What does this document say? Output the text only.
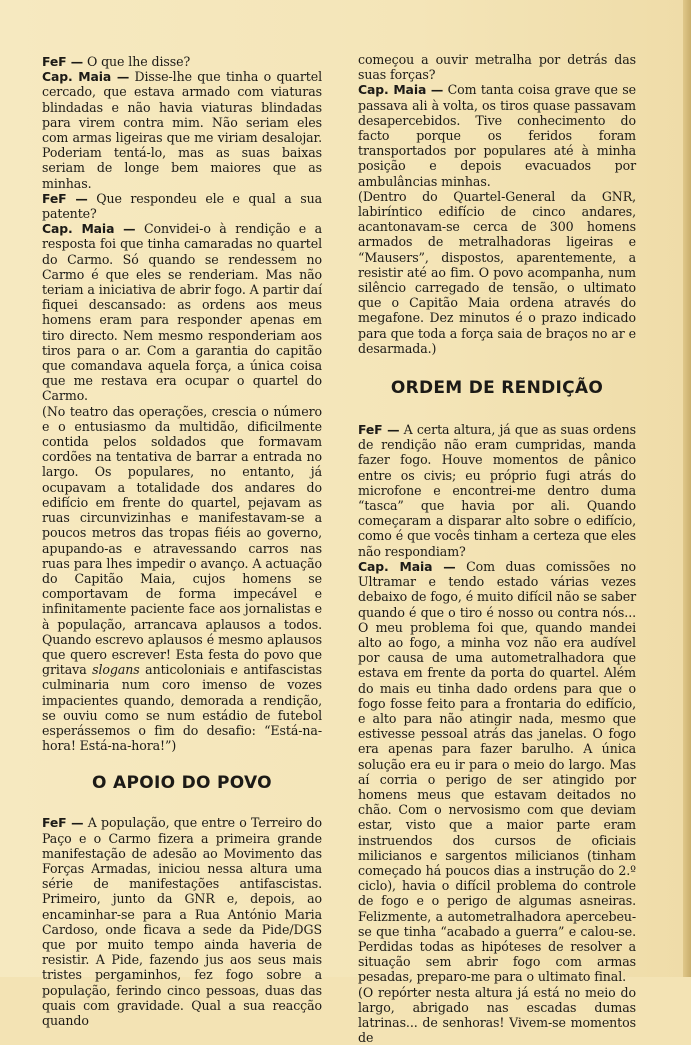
FeF — O que lhe disse?

Cap. Maia — Disse-lhe que tinha o quartel cercado, que estava armado com viaturas blindadas e não havia viaturas blindadas para virem contra mim. Não seriam eles com armas ligeiras que me viriam desalojar. Poderiam tentá-lo, mas as suas baixas seriam de longe bem maiores que as minhas.

FeF — Que respondeu ele e qual a sua patente?

Cap. Maia — Convidei-o à rendição e a resposta foi que tinha camaradas no quartel do Carmo. Só quando se rendessem no Carmo é que eles se renderiam. Mas não teriam a iniciativa de abrir fogo. A partir daí fiquei descansado: as ordens aos meus homens eram para responder apenas em tiro directo. Nem mesmo responderiam aos tiros para o ar. Com a garantia do capitão que comandava aquela força, a única coisa que me restava era ocupar o quartel do Carmo.

(No teatro das operações, crescia o número e o entusiasmo da multidão, dificilmente contida pelos soldados que formavam cordões na tentativa de barrar a entrada no largo. Os populares, no entanto, já ocupavam a totalidade dos andares do edifício em frente do quartel, pejavam as ruas circunvizinhas e manifestavam-se a poucos metros das tropas fiéis ao governo, apupando-as e atravessando carros nas ruas para lhes impedir o avanço. A actuação do Capitão Maia, cujos homens se comportavam de forma impecável e infinitamente paciente face aos jornalistas e à população, arrancava aplausos a todos. Quando escrevo aplausos é mesmo aplausos que quero escrever! Esta festa do povo que gritava slogans anticoloniais e antifascistas culminaria num coro imenso de vozes impacientes quando, demorada a rendição, se ouviu como se num estádio de futebol esperássemos o fim do desafio: “Está-na-hora! Está-na-hora!”)

O APOIO DO POVO

FeF — A população, que entre o Terreiro do Paço e o Carmo fizera a primeira grande manifestação de adesão ao Movimento das Forças Armadas, iniciou nessa altura uma série de manifestações antifascistas. Primeiro, junto da GNR e, depois, ao encaminhar-se para a Rua António Maria Cardoso, onde ficava a sede da Pide/DGS que por muito tempo ainda haveria de resistir. A Pide, fazendo jus aos seus mais tristes pergaminhos, fez fogo sobre a população, ferindo cinco pessoas, duas das quais com gravidade. Qual a sua reacção quando

começou a ouvir metralha por detrás das suas forças?

Cap. Maia — Com tanta coisa grave que se passava ali à volta, os tiros quase passavam desapercebidos. Tive conhecimento do facto porque os feridos foram transportados por populares até à minha posição e depois evacuados por ambulâncias minhas.

(Dentro do Quartel-General da GNR, labiríntico edifício de cinco andares, acantonavam-se cerca de 300 homens armados de metralhadoras ligeiras e “Mausers”, dispostos, aparentemente, a resistir até ao fim. O povo acompanha, num silêncio carregado de tensão, o ultimato que o Capitão Maia ordena através do megafone. Dez minutos é o prazo indicado para que toda a força saia de braços no ar e desarmada.)

ORDEM DE RENDIÇÃO

FeF — A certa altura, já que as suas ordens de rendição não eram cumpridas, manda fazer fogo. Houve momentos de pânico entre os civis; eu próprio fugi atrás do microfone e encontrei-me dentro duma “tasca” que havia por ali. Quando começaram a disparar alto sobre o edifício, como é que vocês tinham a certeza que eles não respondiam?

Cap. Maia — Com duas comissões no Ultramar e tendo estado várias vezes debaixo de fogo, é muito difícil não se saber quando é que o tiro é nosso ou contra nós... O meu problema foi que, quando mandei alto ao fogo, a minha voz não era audível por causa de uma autometralhadora que estava em frente da porta do quartel. Além do mais eu tinha dado ordens para que o fogo fosse feito para a frontaria do edifício, e alto para não atingir nada, mesmo que estivesse pessoal atrás das janelas. O fogo era apenas para fazer barulho. A única solução era eu ir para o meio do largo. Mas aí corria o perigo de ser atingido por homens meus que estavam deitados no chão. Com o nervosismo com que deviam estar, visto que a maior parte eram instruendos dos cursos de oficiais milicianos e sargentos milicianos (tinham começado há poucos dias a instrução do 2.º ciclo), havia o difícil problema do controle de fogo e o perigo de algumas asneiras. Felizmente, a autometralhadora apercebeu-se que tinha “acabado a guerra” e calou-se. Perdidas todas as hipóteses de resolver a situação sem abrir fogo com armas pesadas, preparo-me para o ultimato final.

(O repórter nesta altura já está no meio do largo, abrigado nas escadas dumas latrinas... de senhoras! Vivem-se momentos de
